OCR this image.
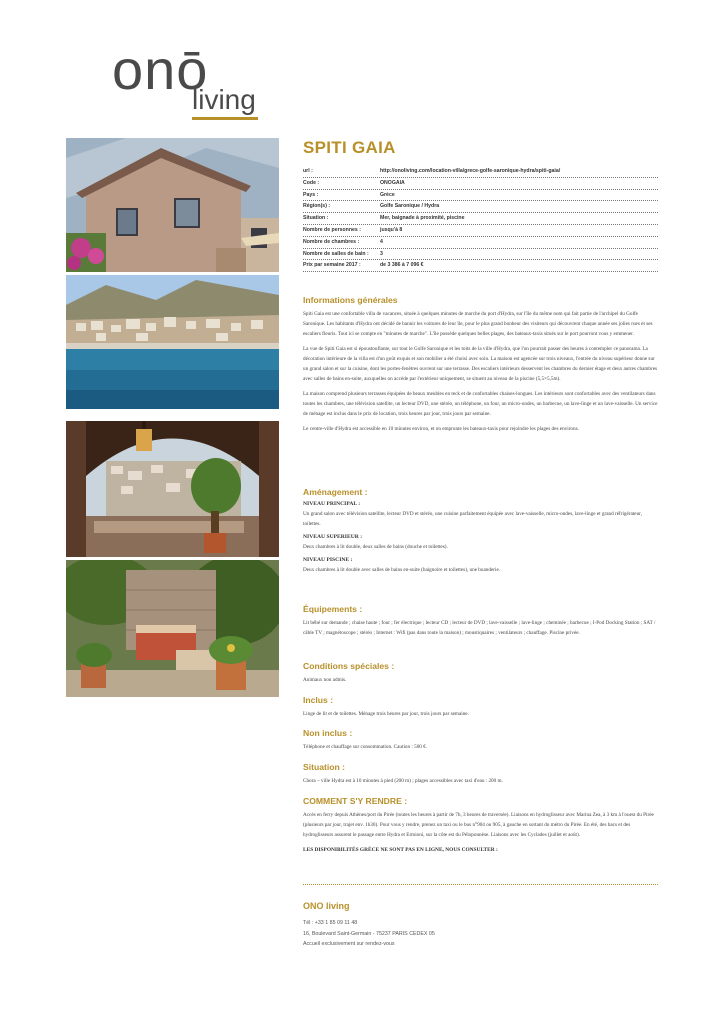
onō
living
SPITI GAIA
url :	http://onoliving.com/location-villa/grece-golfe-saronique-hydra/spiti-gaia/
Code :	ONOGAIA
Pays :	Grèce
Région(s) :	Golfe Saronique / Hydra
Situation :	Mer, baignade à proximité, piscine
Nombre de personnes :	jusqu'à 8
Nombre de chambres :	4
Nombre de salles de bain : 3
Prix par semaine 2017 :	de 3 386 à 7 096 €
Informations générales

Spiti Gaia est une confortable villa de vacances, située à quelques minutes de marche du port d'Hydra, sur l'île du même nom qui fait partie de l'archipel du Golfe Saronique. Les habitants d'Hydra ont décidé de bannir les voitures de leur île, pour le plus grand bonheur des visiteurs qui découvrent chaque année ses jolies rues et ses escaliers fleuris. Tout ici se compte en "minutes de marche". L'île possède quelques belles plages, des bateaux-taxis situés sur le port pourront vous y emmener.

La vue de Spiti Gaia est si époustouflante, sur tout le Golfe Saronique et les toits de la ville d'Hydra, que l'on pourrait passer des heures à contempler ce panorama. La décoration intérieure de la villa est d'un goût exquis et son mobilier a été choisi avec soin. La maison est agencée sur trois niveaux, l'entrée du niveau supérieur donne sur un grand salon et sur la cuisine, dont les portes-fenêtres ouvrent sur une terrasse. Des escaliers intérieurs desservent les chambres du dernier étage et deux autres chambres avec salles de bains en-suite, auxquelles on accède par l'extérieur uniquement, se situent au niveau de la piscine (5,5×5,5m).

La maison comprend plusieurs terrasses équipées de beaux meubles en teck et de confortables chaises-longues. Les intérieurs sont confortables avec des ventilateurs dans toutes les chambres, une télévision satellite, un lecteur DVD, une stéréo, un téléphone, un four, un micro-ondes, un barbecue, un lave-linge et un lave-vaisselle. Un service de ménage est inclus dans le prix de location, trois heures par jour, trois jours par semaine.

Le centre-ville d'Hydra est accessible en 10 minutes environ, et on emprunte les bateaux-taxis pour rejoindre les plages des environs.

Aménagement :
NIVEAU PRINCIPAL :

Un grand salon avec télévision satellite, lecteur DVD et stéréo, une cuisine parfaitement équipée avec lave-vaisselle, micro-ondes, lave-linge et grand réfrigérateur, toilettes.

NIVEAU SUPERIEUR :

Deux chambres à lit double, deux salles de bains (douche et toilettes).

NIVEAU PISCINE :

Deux chambres à lit double avec salles de bains en-suite (baignoire et toilettes), une buanderie.

Équipements :

Lit bébé sur demande ; chaise haute ; four ; fer électrique ; lecteur CD ; lecteur de DVD ; lave-vaisselle ; lave-linge ; cheminée ; barbecue ; I-Pod Docking Station ; SAT / câble TV ; magnétoscope ; stéréo ; Internet : Wifi (pas dans toute la maison) ; moustiquaires ; ventilateurs ; chauffage. Piscine privée.

Conditions spéciales :

Animaux non admis.

Inclus :

Linge de lit et de toilettes. Ménage trois heures par jour, trois jours par semaine.

Non inclus :

Téléphone et chauffage sur consommation. Caution : 500 €.

Situation :

Chora – ville Hydra est à 10 minutes à pied (200 m) ; plages accessibles avec taxi d'eau : 200 m.

COMMENT S'Y RENDRE :

Accès en ferry depuis Athènes/port du Pirée (toutes les heures à partir de 7h, 3 heures de traversée). Liaisons en hydroglisseur avec Marina Zea, à 3 km à l'ouest du Pirée (plusieurs par jour, trajet env. 1h30). Pour vous y rendre, prenez un taxi ou le bus n°904 ou 905, à gauche en sortant du métro du Pirée. En été, des bacs et des hydroglisseurs assurent le passage entre Hydra et Ermioni, sur la côte est du Péloponnèse. Liaisons avec les Cyclades (juillet et août).

LES DISPONIBILITÉS GRÈCE NE SONT PAS EN LIGNE, NOUS CONSULTER :

ONO living

Tél : +33 1 85 09 11 48

16, Boulevard Saint-Germain - 75237 PARIS CEDEX 05

Accueil exclusivement sur rendez-vous
